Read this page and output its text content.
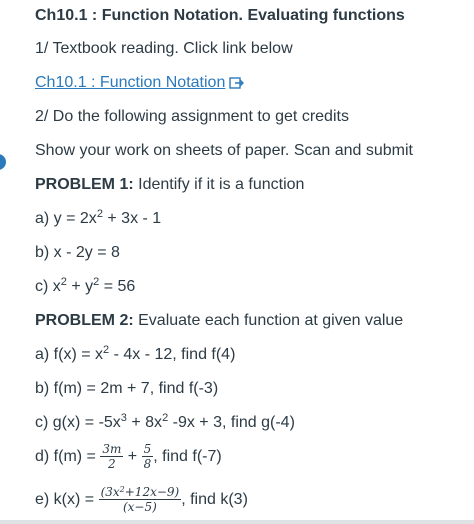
Ch10.1 : Function Notation. Evaluating functions
1/ Textbook reading. Click link below
Ch10.1 : Function Notation
2/ Do the following assignment to get credits
Show your work on sheets of paper. Scan and submit
PROBLEM 1: Identify if it is a function
a) $y = 2x^2 + 3x - 1$
b) x - 2y = 8
c) $x^2 + y^2 = 56$
PROBLEM 2: Evaluate each function at given value
a) $f(x) = x^2 - 4x - 12$, find f(4)
b) f(m) = 2m + 7, find f(-3)
c) $g(x) = -5x^3 + 8x^2$ -9x + 3, find g(-4)
d) $f(m) = \frac{3m}{2} + \frac{5}{8}$ , find f(-7)
e) $k(x) = \frac{(3x^2+12x-9)}{(x-5)}$ , find k(3)
